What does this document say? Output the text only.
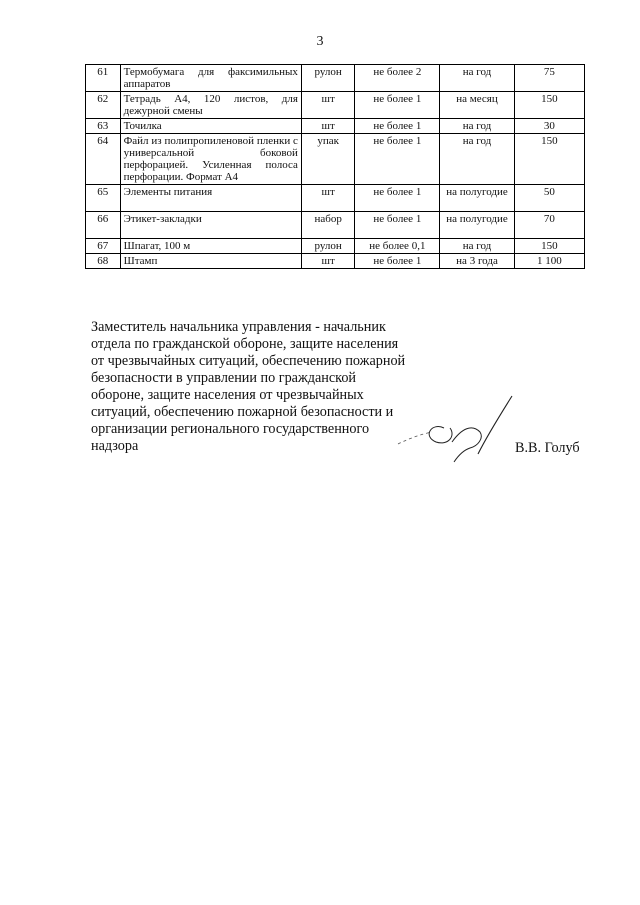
3
61	Термобумага для факсимильных аппаратов	рулон	не более 2	на год	75
62	Тетрадь А4, 120 листов, для дежурной смены	шт	не более 1	на месяц	150
63	Точилка	шт	не более 1	на год	30
64	Файл из полипропиленовой пленки с универсальной боковой перфорацией. Усиленная полоса перфорации. Формат А4	упак	не более 1	на год	150
65	Элементы питания	шт	не более 1	на полугодие	50
66	Этикет-закладки	набор	не более 1	на полугодие	70
67	Шпагат, 100 м	рулон	не более 0,1	на год	150
68	Штамп	шт	не более 1	на 3 года	1 100
Заместитель начальника управления - начальник
отдела по гражданской обороне, защите населения
от чрезвычайных ситуаций, обеспечению пожарной
безопасности в управлении по гражданской
обороне, защите населения от чрезвычайных
ситуаций, обеспечению пожарной безопасности и
организации регионального государственного
надзора	В.В. Голуб
